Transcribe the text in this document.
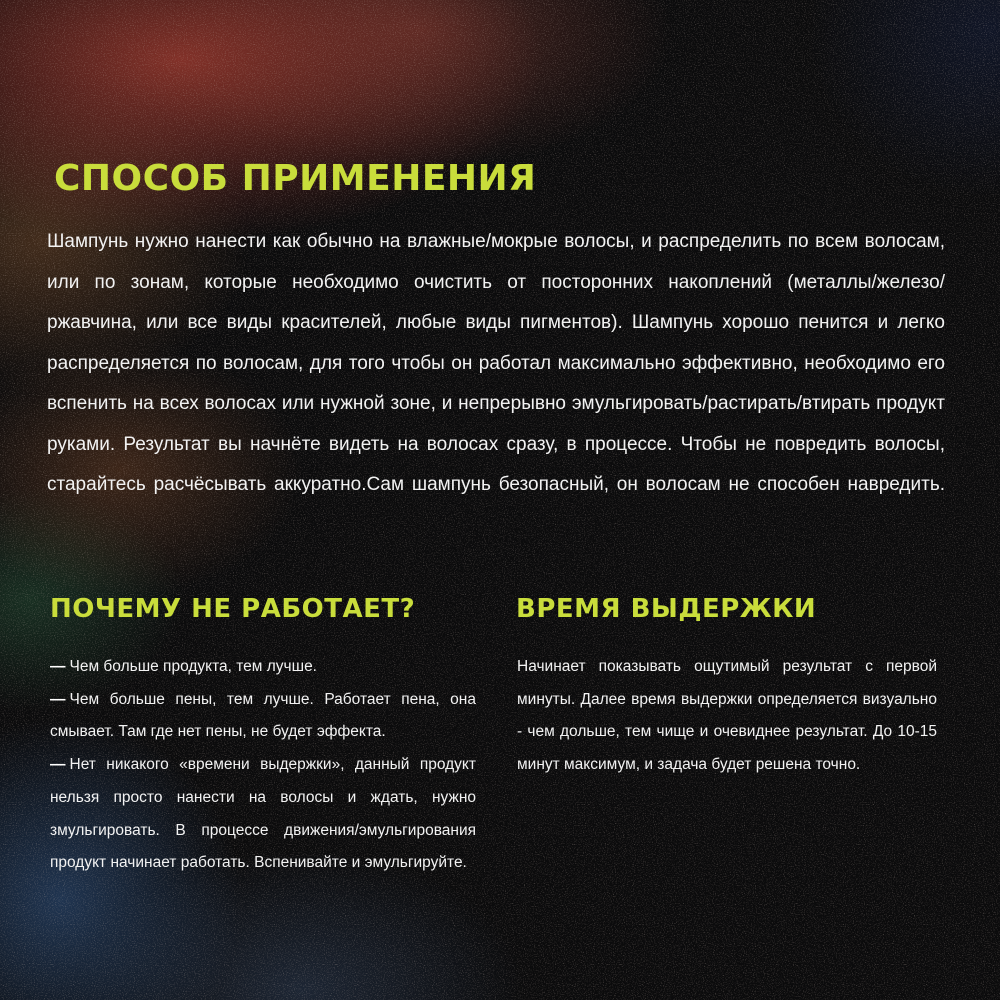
СПОСОБ ПРИМЕНЕНИЯ

Шампунь нужно нанести как обычно на влажные/мокрые волосы, и распределить по всем волосам, или по зонам, которые необходимо очистить от посторонних накоплений (металлы/железо/ржавчина, или все виды красителей, любые виды пигментов). Шампунь хорошо пенится и легко распределяется по волосам, для того чтобы он работал максимально эффективно, необходимо его вспенить на всех волосах или нужной зоне, и непрерывно эмульгировать/растирать/втирать продукт руками. Результат вы начнёте видеть на волосах сразу, в процессе. Чтобы не повредить волосы, старайтесь расчёсывать аккуратно.Сам шампунь безопасный, он волосам не способен навредить.

ПОЧЕМУ НЕ РАБОТАЕТ?

— Чем больше продукта, тем лучше.
— Чем больше пены, тем лучше. Работает пена, она смывает. Там где нет пены, не будет эффекта.
— Нет никакого «времени выдержки», данный продукт нельзя просто нанести на волосы и ждать, нужно змульгировать. В процессе движения/эмульгирования продукт начинает работать. Вспенивайте и эмульгируйте.

ВРЕМЯ ВЫДЕРЖКИ

Начинает показывать ощутимый результат с первой минуты. Далее время выдержки определяется визуально - чем дольше, тем чище и очевиднее результат. До 10-15 минут максимум, и задача будет решена точно.
